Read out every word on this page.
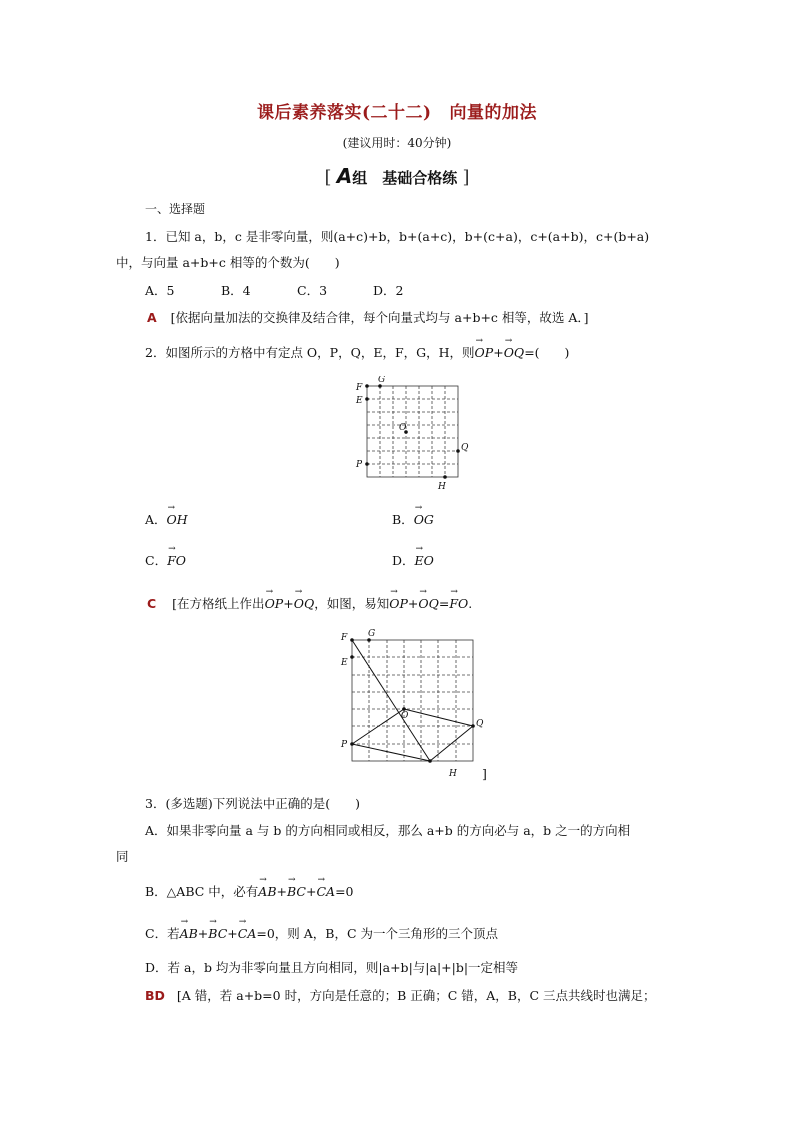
课后素养落实(二十二) 向量的加法
(建议用时：40分钟)
[ A组　基础合格练 ]
一、选择题
1．已知 a，b，c 是非零向量，则(a+c)+b，b+(a+c)，b+(c+a)，c+(a+b)，c+(b+a)
中，与向量 a+b+c 相等的个数为(　　)
A．5	B．4	C．3	D．2
A [依据向量加法的交换律及结合律，每个向量式均与 a+b+c 相等，故选 A．]
2．如图所示的方格中有定点 O，P，Q，E，F，G，H，则→ OP+→ OQ=(　　)
F
G
E
O
Q
P
H
A．→ OH	B．→ OG
C．→ FO	D．→ EO
C [在方格纸上作出→ OP+→ OQ，如图，易知→ OP+→ OQ=→ FO.
F G
E
O
Q
P
H ]
3．(多选题)下列说法中正确的是(　　)
A．如果非零向量 a 与 b 的方向相同或相反，那么 a+b 的方向必与 a，b 之一的方向相
同
B．△ABC 中，必有→ AB+→ BC+→ CA=0
C．若→ AB+→ BC+→ CA=0，则 A，B，C 为一个三角形的三个顶点
D．若 a，b 均为非零向量且方向相同，则|a+b|与|a|+|b|一定相等
BD [A 错，若 a+b=0 时，方向是任意的；B 正确；C 错，A，B，C 三点共线时也满足；
